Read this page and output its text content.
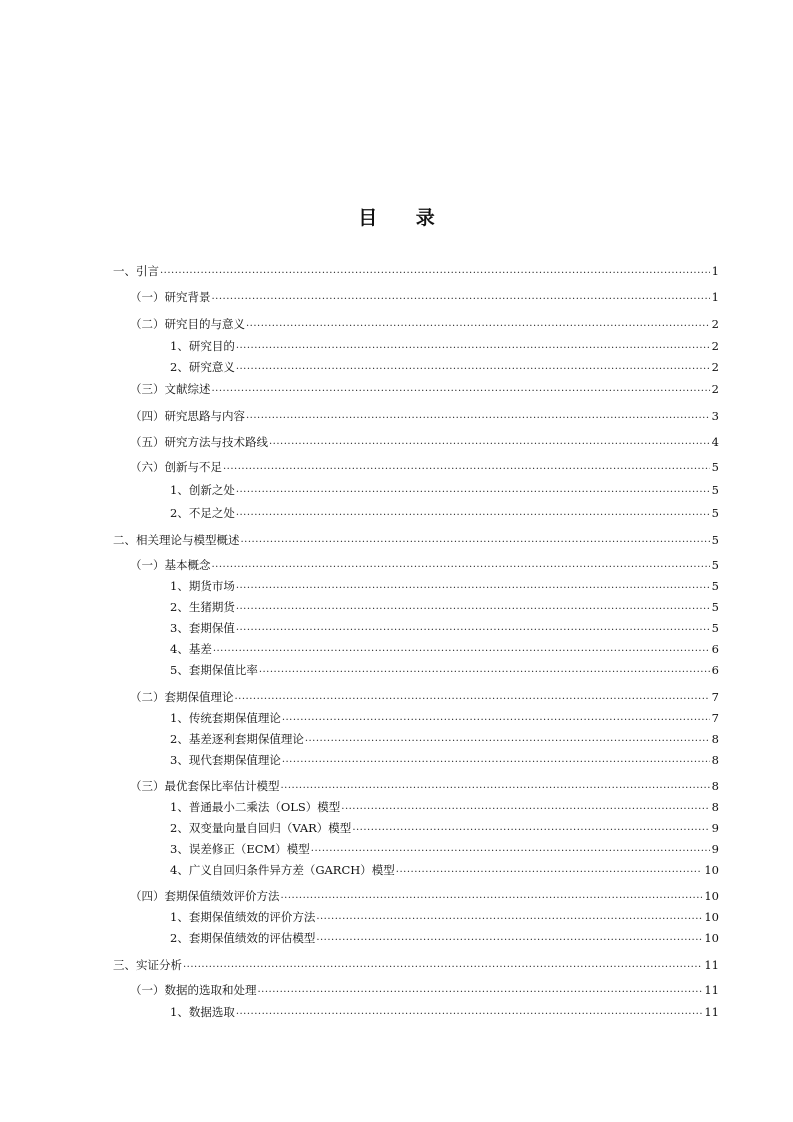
目 录
一、引言 .....	1
（一）研究背景 .....	1
（二）研究目的与意义 .....	2
1、研究目的 .....	2
2、研究意义 .....	2
（三）文献综述 .....	2
（四）研究思路与内容 .....	3
（五）研究方法与技术路线 .....	4
（六）创新与不足 .....	5
1、创新之处 .....	5
2、不足之处 .....	5
二、相关理论与模型概述 .....	5
（一）基本概念 .....	5
1、期货市场 .....	5
2、生猪期货 .....	5
3、套期保值 .....	5
4、基差 .....	6
5、套期保值比率 .....	6
（二）套期保值理论 .....	7
1、传统套期保值理论 .....	7
2、基差逐利套期保值理论 .....	8
3、现代套期保值理论 .....	8
（三）最优套保比率估计模型 .....	8
1、普通最小二乘法（OLS）模型 .....	8
2、双变量向量自回归（VAR）模型 .....	9
3、误差修正（ECM）模型 .....	9
4、广义自回归条件异方差（GARCH）模型 .....	10
（四）套期保值绩效评价方法 .....	10
1、套期保值绩效的评价方法 .....	10
2、套期保值绩效的评估模型 .....	10
三、实证分析 .....	11
（一）数据的选取和处理 .....	11
1、数据选取 .....	11
